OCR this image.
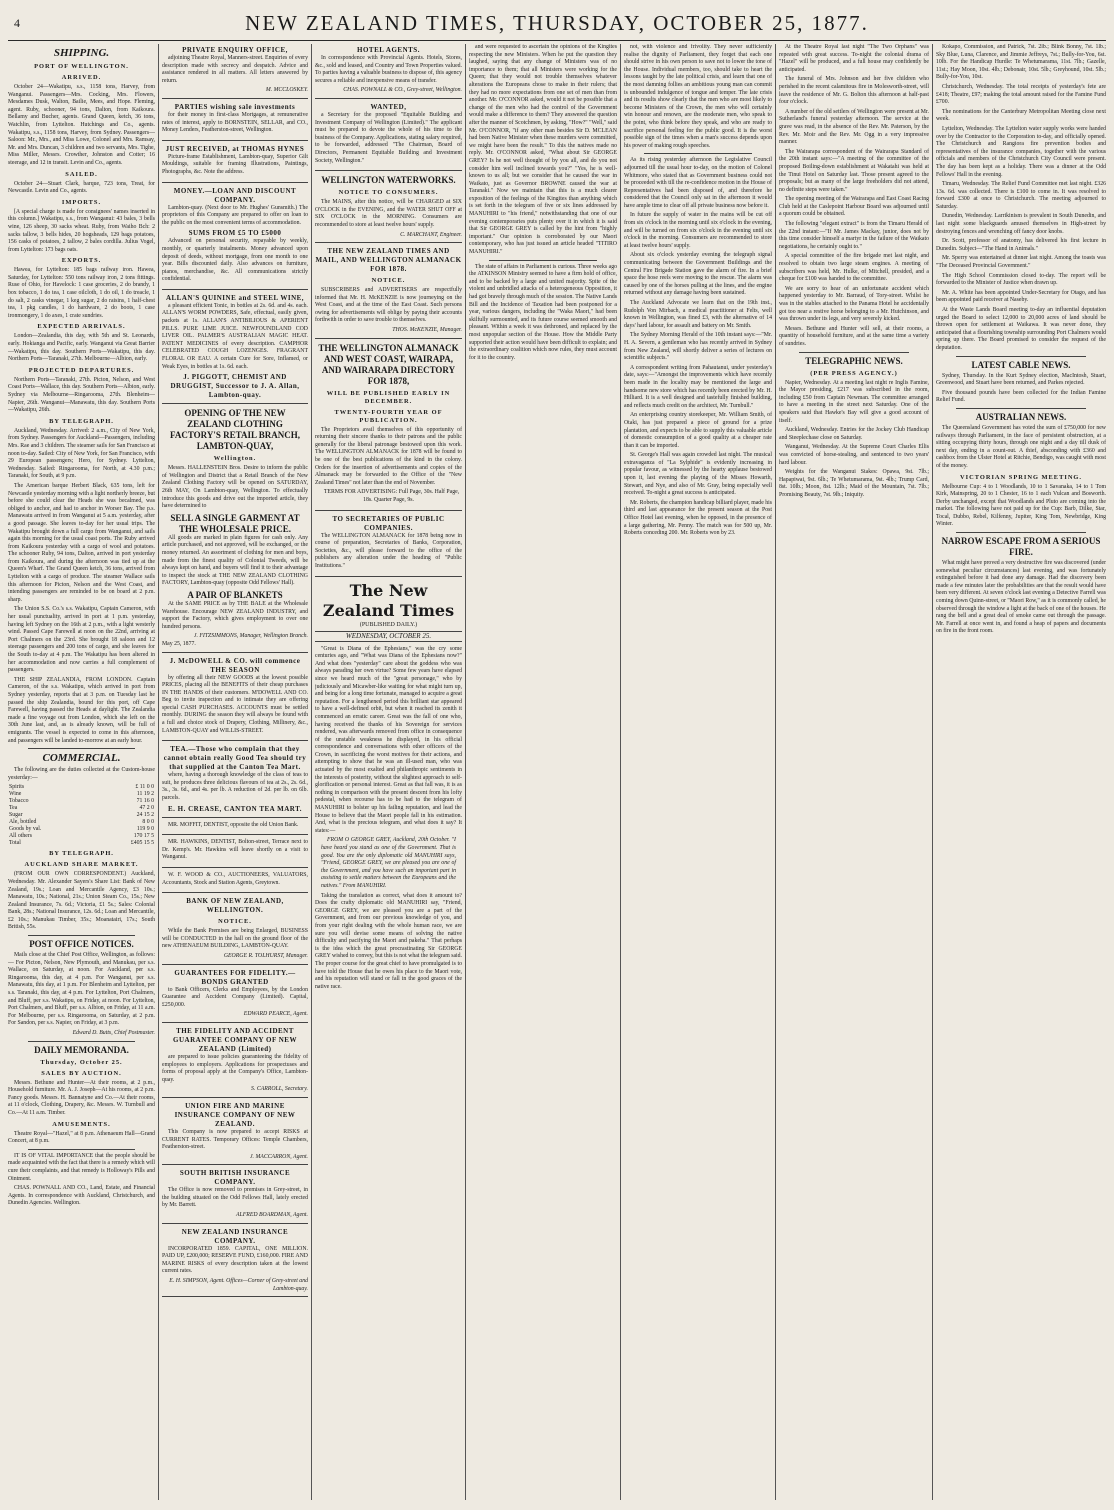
4	NEW ZEALAND TIMES, THURSDAY, OCTOBER 25, 1877.
SHIPPING.
PORT OF WELLINGTON.
ARRIVED.

October 24—Wakatipu, s.s., 1158 tons, Harvey, from Wanganui. Passengers—Mrs. Cocking, Mrs. Flowers, Mesdames Dusk, Walton, Bailie, Mees, and Hope. Fleming, agent. Ruby, schooner, 94 tons, Dalton, from Kaikoura. Bellamy and Bucher, agents. Grand Queen, ketch, 36 tons, Watchlin, from Lyttelton. Hutchings and Co., agents. Wakatipu, s.s., 1158 tons, Harvey, from Sydney. Passengers—Saloon: Mr., Mrs., and Miss Lowe, Colonel and Mrs. Ramsay, Mr. and Mrs. Duncan, 3 children and two servants, Mrs. Tighe, Miss Miller, Messrs. Crowther, Johnston and Cotter; 16 steerage, and 12 in transit. Levin and Co., agents.

SAILED.

October 24—Stuart Clark, barque, 723 tons, Treat, for Newcastle. Levin and Co., agents.

IMPORTS.

[A special charge is made for consignees' names inserted in this column.] Wakatipu, s.s., from Wanganui: 43 bales, 3 bells wine, 126 sheep, 30 sacks wheat. Ruby, from Waiho Bch: 2 sacks tallow, 3 bells hides, 20 hogsheads, 129 bags potatoes, 156 casks of potatoes, 2 tallow, 2 bales cordilla. Julius Vogel, from Lyttelton: 173 bags oats.

EXPORTS.

Hawea, for Lyttelton: 185 bags railway iron. Hawea, Saturday, for Lyttelton: 550 tons railway iron, 2 tons fittings. Ruse of Ohio, for Havelock: 1 case groceries, 2 do brandy, 1 box tobacco, 1 do tea, 1 case oilcloth, 1 do oil, 1 do treacle, 1 do salt, 2 casks vinegar, 1 keg sugar, 2 do raisins, 1 half-chest tea, 1 pkg candles, 1 do hardware, 2 do boots, 1 case ironmongery, 1 do axes, 1 crate sundries.

EXPECTED ARRIVALS.

London—Zealandia, this day, with 5th and St. Leonards, early. Hokianga and Pacific, early. Wanganui via Great Barrier—Wakatipu, this day. Southern Ports—Wakatipu, this day. Northern Ports—Taranaki, 27th. Melbourne—Albion, early.

PROJECTED DEPARTURES.

Northern Ports—Taranaki, 27th. Picton, Nelson, and West Coast Ports—Wallace, this day. Southern Ports—Albion, early. Sydney via Melbourne—Ringarooma, 27th. Blenheim—Napier, 26th. Wanganui—Manawatu, this day. Southern Ports—Wakatipu, 26th.

BY TELEGRAPH.

Auckland, Wednesday. Arrived: 2 a.m., City of New York, from Sydney. Passengers for Auckland—Passengers, including Mrs. Rae and 3 children. The steamer sails for San Francisco at noon to-day. Sailed: City of New York, for San Francisco, with 29 European passengers; Hero, for Sydney. Lyttelton, Wednesday. Sailed: Ringarooma, for North, at 4.30 p.m.; Taranaki, for South, at 9 p.m.

The American barque Herbert Black, 635 tons, left for Newcastle yesterday morning with a light northerly breeze, but before she could clear the Heads she was becalmed, was obliged to anchor, and had to anchor in Worser Bay. The p.s. Manawatu arrived in from Wanganui at 5 a.m. yesterday, after a good passage. She leaves to-day for her usual trips. The Wakatipu brought down a full cargo from Wanganui, and sails again this morning for the usual coast ports. The Ruby arrived from Kaikoura yesterday with a cargo of wool and potatoes. The schooner Ruby, 94 tons, Dalton, arrived in port yesterday from Kaikoura, and during the afternoon was tied up at the Queen's Wharf. The Grand Queen ketch, 36 tons, arrived from Lyttelton with a cargo of produce. The steamer Wallace sails this afternoon for Picton, Nelson and the West Coast, and intending passengers are reminded to be on board at 2 p.m. sharp.

The Union S.S. Co.'s s.s. Wakatipu, Captain Cameron, with her usual punctuality, arrived in port at 1 p.m. yesterday, having left Sydney on the 16th at 2 p.m., with a light westerly wind. Passed Cape Farewell at noon on the 22nd, arriving at Port Chalmers on the 23rd. She brought 18 saloon and 12 steerage passengers and 200 tons of cargo, and she leaves for the South to-day at 4 p.m. The Wakatipu has been altered in her accommodation and now carries a full complement of passengers.

THE SHIP ZEALANDIA, FROM LONDON. Captain Cameron, of the s.s. Wakatipu, which arrived in port from Sydney yesterday, reports that at 3 p.m. on Tuesday last he passed the ship Zealandia, bound for this port, off Cape Farewell, having passed the Heads at daylight. The Zealandia made a fine voyage out from London, which she left on the 30th June last, and, as is already known, will be full of emigrants. The vessel is expected to come in this afternoon, and passengers will be landed to-morrow at an early hour.

COMMERCIAL.

The following are the duties collected at the Custom-house yesterday:—

Spirits	£ 11 0 0
Wine	11 19 2
Tobacco	71 16 0
Tea	47 2 0
Sugar	24 15 2
Ale, bottled	8 0 0
Goods by val.	119 9 0
All others	170 17 5
Total	£405 15 5
BY TELEGRAPH.
AUCKLAND SHARE MARKET.

(FROM OUR OWN CORRESPONDENT.) Auckland, Wednesday. Mr. Alexander Sayers's Share List: Bank of New Zealand, 19s.; Loan and Mercantile Agency, £3 10s.; Manawatu, 10s.; National, 21s.; Union Steam Co., 15s.; New Zealand Insurance, 7s. 6d.; Victoria, £1 5s.; Sales: Colonial Bank, 28s.; National Insurance, 12s. 6d.; Loan and Mercantile, £2 10s.; Manukau Timber, 35s.; Moanatairi, 17s.; South British, 55s.

POST OFFICE NOTICES.

Mails close at the Chief Post Office, Wellington, as follows:— For Picton, Nelson, New Plymouth, and Manukau, per s.s. Wallace, on Saturday, at noon. For Auckland, per s.s. Ringarooma, this day, at 4 p.m. For Wanganui, per s.s. Manawatu, this day, at 1 p.m. For Blenheim and Lyttelton, per s.s. Taranaki, this day, at 4 p.m. For Lyttelton, Port Chalmers, and Bluff, per s.s. Wakatipu, on Friday, at noon. For Lyttelton, Port Chalmers, and Bluff, per s.s. Albion, on Friday, at 11 a.m. For Melbourne, per s.s. Ringarooma, on Saturday, at 2 p.m. For Sandon, per s.s. Napier, on Friday, at 3 p.m.

Edward D. Butts, Chief Postmaster.

DAILY MEMORANDA.
Thursday, October 25.
SALES BY AUCTION.

Messrs. Bethune and Hunter—At their rooms, at 2 p.m., Household furniture. Mr. A. J. Joseph—At his rooms, at 2 p.m. Fancy goods. Messrs. H. Bannatyne and Co.—At their rooms, at 11 o'clock, Clothing, Drapery, &c. Messrs. W. Turnbull and Co.—At 11 a.m. Timber.

AMUSEMENTS.

Theatre Royal—"Hazel," at 8 p.m. Athenaeum Hall—Grand Concert, at 8 p.m.

IT IS OF VITAL IMPORTANCE that the people should be made acquainted with the fact that there is a remedy which will cure their complaints, and that remedy is Holloway's Pills and Ointment.

CHAS. POWNALL AND CO., Land, Estate, and Financial Agents. In correspondence with Auckland, Christchurch, and Dunedin Agencies. Wellington.

PRIVATE ENQUIRY OFFICE,

adjoining Theatre Royal, Manners-street. Enquiries of every description made with secrecy and despatch. Advice and assistance rendered in all matters. All letters answered by return.

M. MCCLOSKEY.
PARTIES wishing sale investments

for their money in first-class Mortgages, at remunerative rates of interest, apply to BORNSTEIN, SELLAR, and CO., Money Lenders, Featherston-street, Wellington.

JUST RECEIVED, at THOMAS HYNES

Picture-frame Establishment, Lambton-quay, Superior Gilt Mouldings, suitable for framing Illustrations, Paintings, Photographs, &c. Note the address.

MONEY.—LOAN AND DISCOUNT COMPANY.

Lambton-quay. (Next door to Mr. Hughes' Gunsmith.) The proprietors of this Company are prepared to offer on loan to the public on the most convenient terms of accommodation.

SUMS FROM £5 TO £5000

Advanced on personal security, repayable by weekly, monthly, or quarterly instalments. Money advanced upon deposit of deeds, without mortgage, from one month to one year. Bills discounted daily. Also advances on furniture, pianos, merchandise, &c. All communications strictly confidential.

ALLAN'S QUININE and STEEL WINE,

a pleasant efficient Tonic, in bottles at 2s. 6d. and 4s. each. ALLAN'S WORM POWDERS, Safe, effectual, easily given, packets at 1s. ALLAN'S ANTIBILIOUS & APERIENT PILLS. PURE LIME JUICE. NEWFOUNDLAND COD LIVER OIL. PALMER'S AUSTRALIAN MAGIC HEAT. PATENT MEDICINES of every description. CAMPHOR CELEBRATED COUGH LOZENGES. FRAGRANT FLORAL OR EAU. A certain Cure for Sore, Inflamed, or Weak Eyes, in bottles at 1s. 6d. each.

J. PIGGOTT, CHEMIST AND DRUGGIST, Successor to J. A. Allan, Lambton-quay.
OPENING OF THE NEW ZEALAND CLOTHING FACTORY'S RETAIL BRANCH, LAMBTON-QUAY,
Wellington.

Messrs. HALLENSTEIN Bros. Desire to inform the public of Wellington and District that a Retail Branch of the New Zealand Clothing Factory will be opened on SATURDAY, 26th MAY, On Lambton-quay, Wellington. To effectually introduce this goods and drive out the imported article, they have determined to

SELL A SINGLE GARMENT AT THE WHOLESALE PRICE.

All goods are marked in plain figures for cash only. Any article purchased, and not approved, will be exchanged, or the money returned. An assortment of clothing for men and boys, made from the finest quality of Colonial Tweeds, will be always kept on hand, and buyers will find it to their advantage to inspect the stock at THE NEW ZEALAND CLOTHING FACTORY, Lambton-quay (opposite Odd Fellows' Hall).

A PAIR OF BLANKETS

At the SAME PRICE as by THE BALE at the Wholesale Warehouse. Encourage NEW ZEALAND INDUSTRY, and support the Factory, which gives employment to over one hundred persons.

J. FITZSIMMONS, Manager, Wellington Branch.
May 25, 1877.
J. McDOWELL & CO. will commence THE SEASON

by offering all their NEW GOODS at the lowest possible PRICES, placing all the BENEFITS of their cheap purchases IN THE HANDS of their customers. M'DOWELL AND CO. Beg to invite inspection and to intimate they are offering special CASH PURCHASES. ACCOUNTS must be settled monthly. DURING the season they will always be found with a full and choice stock of Drapery, Clothing, Millinery, &c., LAMBTON-QUAY and WILLIS-STREET.

TEA.—Those who complain that they cannot obtain really Good Tea should try that supplied at the Canton Tea Mart.

where, having a thorough knowledge of the class of teas to suit, he produces three delicious flavours of tea at 2s., 2s. 6d., 3s., 3s. 6d., and 4s. per lb. A reduction of 2d. per lb. on 6lb. parcels.

E. H. CREASE, CANTON TEA MART.

MR. MOFFIT, DENTIST, opposite the old Union Bank.

MR. HAWKINS, DENTIST, Bolton-street, Terrace next to Dr. Kemp's. Mr. Hawkins will leave shortly on a visit to Wanganui.

W. F. WOOD & CO., AUCTIONEERS, VALUATORS, Accountants, Stock and Station Agents, Greytown.

BANK OF NEW ZEALAND, WELLINGTON.
NOTICE.

While the Bank Premises are being Enlarged, BUSINESS will be CONDUCTED in the hall on the ground floor of the new ATHENAEUM BUILDING, LAMBTON-QUAY.

GEORGE R. TOLHURST, Manager.
GUARANTEES FOR FIDELITY.—BONDS GRANTED

to Bank Officers, Clerks and Employees, by the London Guarantee and Accident Company (Limited). Capital, £250,000.

EDWARD PEARCE, Agent.
THE FIDELITY AND ACCIDENT GUARANTEE COMPANY OF NEW ZEALAND (Limited)

are prepared to issue policies guaranteeing the fidelity of employees to employers. Applications for prospectuses and forms of proposal apply at the Company's Office, Lambton-quay.

S. CARROLL, Secretary.
UNION FIRE AND MARINE INSURANCE COMPANY OF NEW ZEALAND.

This Company is now prepared to accept RISKS at CURRENT RATES. Temporary Offices: Temple Chambers, Featherston-street.

J. MACCARRON, Agent.
SOUTH BRITISH INSURANCE COMPANY.

The Office is now removed to premises in Grey-street, in the building situated on the Odd Fellows Hall, lately erected by Mr. Barrett.

ALFRED BOARDMAN, Agent.
NEW ZEALAND INSURANCE COMPANY.

INCORPORATED 1859. CAPITAL, ONE MILLION. PAID UP, £200,000; RESERVE FUND, £160,000. FIRE AND MARINE RISKS of every description taken at the lowest current rates.

E. H. SIMPSON, Agent. Offices—Corner of Grey-street and Lambton-quay.
HOTEL AGENTS.

In correspondence with Provincial Agents. Hotels, Stores, &c., sold and leased, and Country and Town Properties valued. To parties having a valuable business to dispose of, this agency secures a reliable and inexpensive means of transfer.

CHAS. POWNALL & CO., Grey-street, Wellington.
WANTED,

a Secretary for the proposed "Equitable Building and Investment Company of Wellington (Limited)." The applicant must be prepared to devote the whole of his time to the business of the Company. Applications, stating salary required, to be forwarded, addressed "The Chairman, Board of Directors, Permanent Equitable Building and Investment Society, Wellington."

WELLINGTON WATERWORKS.
NOTICE TO CONSUMERS.

The MAINS, after this notice, will be CHARGED at SIX O'CLOCK in the EVENING, and the WATER SHUT OFF at SIX O'CLOCK in the MORNING. Consumers are recommended to store at least twelve hours' supply.

C. MARCHANT, Engineer.
THE NEW ZEALAND TIMES AND MAIL, AND WELLINGTON ALMANACK FOR 1878.
NOTICE.

SUBSCRIBERS and ADVERTISERS are respectfully informed that Mr. H. McKENZIE is now journeying on the West Coast, and at the time of the East Coast. Such persons owing for advertisements will oblige by paying their accounts forthwith in order to save trouble to themselves.

THOS. McKENZIE, Manager.
THE WELLINGTON ALMANACK AND WEST COAST, WAIRAPA, AND WAIRARAPA DIRECTORY FOR 1878,
WILL BE PUBLISHED EARLY IN DECEMBER.
TWENTY-FOURTH YEAR OF PUBLICATION.

The Proprietors avail themselves of this opportunity of returning their sincere thanks to their patrons and the public generally for the liberal patronage bestowed upon this work. The WELLINGTON ALMANACK for 1878 will be found to be one of the best publications of the kind in the colony. Orders for the insertion of advertisements and copies of the Almanack may be forwarded to the Office of the "New Zealand Times" not later than the end of November.

TERMS FOR ADVERTISING: Full Page, 30s. Half Page, 18s. Quarter Page, 9s.

TO SECRETARIES OF PUBLIC COMPANIES.

The WELLINGTON ALMANACK for 1878 being now in course of preparation, Secretaries of Banks, Corporation, Societies, &c., will please forward to the office of the publishers any alteration under the heading of "Public Institutions."

The New Zealand Times
(PUBLISHED DAILY.)
WEDNESDAY, OCTOBER 25.

"Great is Diana of the Ephesians," was the cry some centuries ago, and "What was Diana of the Ephesians now?" And what does "yesterday" care about the goddess who was always parading her own virtue? Some few years have elapsed since we heard much of the "great personage," who by judiciously and Micawber-like waiting for what might turn up, and being for a long time fortunate, managed to acquire a great reputation. For a lengthened period this brilliant star appeared to have a well-defined orbit, but when it reached its zenith it commenced an erratic career. Great was the fall of one who, having received the thanks of his Sovereign for services rendered, was afterwards removed from office in consequence of the unstable weakness he displayed, in his official correspondence and conversations with other officers of the Crown, in sacrificing the worst motives for their actions, and attempting to show that he was an ill-used man, who was actuated by the most exalted and philanthropic sentiments in the interests of posterity, without the slightest approach to self-glorification or personal interest. Great as that fall was, it is as nothing in comparison with the present descent from his lofty pedestal, when recourse has to be had to the telegram of MANUHIRI to bolster up his failing reputation, and lead the House to believe that the Maori people fall in his estimation. And, what is the precious telegram, and what does it say? It states:—

FROM O GEORGE GREY, Auckland, 20th October. "I have heard you stand as one of the Government. That is good. You are the only diplomatic old MANUHIRI says, "Friend, GEORGE GREY, we are pleased you are one of the Government, and you have such an important part in assisting to settle matters between the Europeans and the natives." From MANUHIRI.

Taking the translation as correct, what does it amount to? Does the crafty diplomatic old MANUHIRI say, "Friend, GEORGE GREY, we are pleased you are a part of the Government, and from our previous knowledge of you, and from your right dealing with the whole human race, we are sure you will devise some means of solving the native difficulty and pacifying the Maori and pakeha." That perhaps is the idea which the great procrastinating Sir GEORGE GREY wished to convey, but this is not what the telegram said. The proper course for the great chief to have promulgated is to have told the House that he owes his place to the Maori vote, and his reputation will stand or fall in the good graces of the native race.

and were requested to ascertain the opinions of the Kingites respecting the new Ministers. When he put the question they laughed, saying that any change of Ministers was of no importance to them; that all Ministers were working for the Queen; that they would not trouble themselves whatever alterations the Europeans chose to make in their rulers; that they had no more expectations from one set of men than from another. Mr. O'CONNOR asked, would it not be possible that a change of the men who had the control of the Government would make a difference to them? They answered the question after the manner of Scotchmen, by asking, "How?" "Well," said Mr. O'CONNOR, "if any other man besides Sir D. MCLEAN had been Native Minister when these murders were committed, we might have been the result." To this the natives made no reply. Mr. O'CONNOR asked, "What about Sir GEORGE GREY? Is he not well thought of by you all, and do you not consider him well inclined towards you?" "Yes, he is well-known to us all; but we consider that he caused the war in Waikato, just as Governor BROWNE caused the war at Taranaki." Now we maintain that this is a much clearer exposition of the feelings of the Kingites than anything which is set forth in the telegram of five or six lines addressed by MANUHIRI to "his friend," notwithstanding that one of our evening contemporaries puts plenty over it in which it is said that Sir GEORGE GREY is called by the hint from "highly important." Our opinion is corroborated by our Maori contemporary, who has just issued an article headed "TITIRO MANUHIRI."

The state of affairs in Parliament is curious. Three weeks ago the ATKINSON Ministry seemed to have a firm hold of office, and to be backed by a large and united majority. Spite of the violent and unbridled attacks of a heterogeneous Opposition, it had got bravely through much of the session. The Native Lands Bill and the Incidence of Taxation had been postponed for a year, various dangers, including the "Waka Maori," had been skilfully surmounted, and its future course seemed smooth and pleasant. Within a week it was dethroned, and replaced by the most unpopular section of the House. How the Middle Party supported their action would have been difficult to explain; and the extraordinary coalition which now rules, they must account for it to the country.

not, with violence and frivolity. They never sufficiently realise the dignity of Parliament, they forget that each one should strive in his own person to save not to lower the tone of the House. Individual members, too, should take to heart the lessons taught by the late political crisis, and learn that one of the most damning follies an ambitious young man can commit is unbounded indulgence of tongue and temper. The late crisis and its results show clearly that the men who are most likely to become Ministers of the Crown, the men who will certainly win honour and renown, are the moderate men, who speak to the point, who think before they speak, and who are ready to sacrifice personal feeling for the public good. It is the worst possible sign of the times when a man's success depends upon his power of making rough speeches.

As its rising yesterday afternoon the Legislative Council adjourned till the usual hour to-day, on the motion of Colonel Whitmore, who stated that as Government business could not be proceeded with till the re-confidence motion in the House of Representatives had been disposed of, and therefore he considered that the Council only sat in the afternoon it would have ample time to clear off all private business now before it.

In future the supply of water in the mains will be cut off from six o'clock in the morning until six o'clock in the evening, and will be turned on from six o'clock in the evening until six o'clock in the morning. Consumers are recommended to store at least twelve hours' supply.

About six o'clock yesterday evening the telegraph signal communicating between the Government Buildings and the Central Fire Brigade Station gave the alarm of fire. In a brief space the hose reels were moving to the rescue. The alarm was caused by one of the horses pulling at the lines, and the engine returned without any damage having been sustained.

The Auckland Advocate we learn that on the 19th inst., Rudolph Von Mirbach, a medical practitioner at Felts, well known in Wellington, was fined £3, with the alternative of 14 days' hard labour, for assault and battery on Mr. Smith.

The Sydney Morning Herald of the 10th instant says:—"Mr. H. A. Severn, a gentleman who has recently arrived in Sydney from New Zealand, will shortly deliver a series of lectures on scientific subjects."

A correspondent writing from Pahautanui, under yesterday's date, says:—"Amongst the improvements which have recently been made in the locality may be mentioned the large and handsome new store which has recently been erected by Mr. H. Hilliard. It is a well designed and tastefully finished building, and reflects much credit on the architect, Mr. Turnbull."

An enterprising country storekeeper, Mr. William Smith, of Otaki, has just prepared a piece of ground for a prize plantation, and expects to be able to supply this valuable article of domestic consumption of a good quality at a cheaper rate than it can be imported.

St. George's Hall was again crowded last night. The musical extravaganza of "La Sylphide" is evidently increasing in popular favour, as witnessed by the hearty applause bestowed upon it, last evening the playing of the Misses Howarth, Stewart, and Nye, and also of Mr. Gray, being especially well received. To-night a great success is anticipated.

Mr. Roberts, the champion handicap billiard player, made his third and last appearance for the present season at the Post Office Hotel last evening, when he opposed, in the presence of a large gathering, Mr. Penny. The match was for 500 up, Mr. Roberts conceding 200. Mr. Roberts won by 23.

At the Theatre Royal last night "The Two Orphans" was repeated with great success. To-night the colonial drama of "Hazel" will be produced, and a full house may confidently be anticipated.

The funeral of Mrs. Johnson and her five children who perished in the recent calamitous fire in Molesworth-street, will leave the residence of Mr. G. Bolton this afternoon at half-past four o'clock.

A number of the old settlers of Wellington were present at Mr. Sutherland's funeral yesterday afternoon. The service at the grave was read, in the absence of the Rev. Mr. Paterson, by the Rev. Mr. Moir and the Rev. Mr. Ogg in a very impressive manner.

The Wairarapa correspondent of the Wairarapa Standard of the 20th instant says:—"A meeting of the committee of the proposed Boiling-down establishment at Wakatahi was held at the Tinui Hotel on Saturday last. Those present agreed to the proposals; but as many of the large freeholders did not attend, no definite steps were taken."

The opening meeting of the Wairarapa and East Coast Racing Club held at the Caslepoint Harbour Board was adjourned until a quorum could be obtained.

The following "elegant extract" is from the Timaru Herald of the 22nd instant:—"If Mr. James Mackay, junior, does not by this time consider himself a martyr in the failure of the Waikato negotiations, he certainly ought to."

A special committee of the fire brigade met last night, and resolved to obtain two large steam engines. A meeting of subscribers was held, Mr. Hulke, of Mitchell, presided, and a cheque for £100 was handed to the committee.

We are sorry to hear of an unfortunate accident which happened yesterday to Mr. Barraud, of Tory-street. Whilst he was in the stables attached to the Panama Hotel he accidentally got too near a restive horse belonging to a Mr. Hutchinson, and was thrown under its legs, and very severely kicked.

Messrs. Bethune and Hunter will sell, at their rooms, a quantity of household furniture, and at the same time a variety of sundries.

TELEGRAPHIC NEWS.
(PER PRESS AGENCY.)

Napier, Wednesday. At a meeting last night re Inglis Famine, the Mayor presiding, £217 was subscribed in the room, including £50 from Captain Newman. The committee arranged to have a meeting in the street next Saturday. One of the speakers said that Hawke's Bay will give a good account of itself.

Auckland, Wednesday. Entries for the Jockey Club Handicap and Steeplechase close on Saturday.

Wanganui, Wednesday. At the Supreme Court Charles Ellis was convicted of horse-stealing, and sentenced to two years' hard labour.

Weights for the Wanganui Stakes: Opawa, 9st. 7lb.; Hapapiwai, 9st. 6lb.; Te Whetumarama, 9st. 4lb.; Trump Card, 8st. 10lb.; Moon, 8st. 12lb.; Maid of the Mountain, 7st. 7lb.; Promising Beauty, 7st. 9lb.; Iniquity.

Kokapo, Commission, and Patrick, 7st. 2lb.; Blink Bonny, 7st. 1lb.; Sky Blue, Luna, Clarence, and Jimmie Jeffreys, 7st.; Bully-for-You, 6st. 10lb. For the Handicap Hurdle: Te Whetumarama, 11st. 7lb.; Gazelle, 11st.; Hay Moon, 10st. 4lb.; Debonair, 10st. 5lb.; Greyhound, 10st. 5lb.; Bully-for-You, 10st.

Christchurch, Wednesday. The total receipts of yesterday's fete are £418; Theatre, £97; making the total amount raised for the Famine Fund £700.

The nominations for the Canterbury Metropolitan Meeting close next week.

Lyttelton, Wednesday. The Lyttelton water supply works were handed over by the Contractor to the Corporation to-day, and officially opened. The Christchurch and Rangiora fire prevention bodies and representatives of the insurance companies, together with the various officials and members of the Christchurch City Council were present. The day has been kept as a holiday. There was a dinner at the Odd Fellows' Hall in the evening.

Timaru, Wednesday. The Relief Fund Committee met last night. £326 13s. 6d. was collected. There is £100 to come in. It was resolved to forward £300 at once to Christchurch. The meeting adjourned to Saturday.

Dunedin, Wednesday. Larrikinism is prevalent in South Dunedin, and last night some blackguards amused themselves in High-street by destroying fences and wrenching off fancy door knobs.

Dr. Scott, professor of anatomy, has delivered his first lecture in Dunedin. Subject—"The Hand in Animals."

Mr. Sperry was entertained at dinner last night. Among the toasts was "The Deceased Provincial Government."

The High School Commission closed to-day. The report will be forwarded to the Minister of Justice when drawn up.

Mr. A. White has been appointed Under-Secretary for Otago, and has been appointed paid receiver at Naseby.

At the Waste Lands Board meeting to-day an influential deputation urged the Board to select 12,000 to 20,000 acres of land should be thrown open for settlement at Waikawa. It was never done, they anticipated that a flourishing township surrounding Port Chalmers would spring up there. The Board promised to consider the request of the deputation.

LATEST CABLE NEWS.

Sydney, Thursday. In the Kurt Sydney election, MacIntosh, Stuart, Greenwood, and Stuart have been returned, and Parkes rejected.

Five thousand pounds have been collected for the Indian Famine Relief Fund.

AUSTRALIAN NEWS.

The Queensland Government has voted the sum of £750,000 for new railways through Parliament, in the face of persistent obstruction, at a sitting occupying thirty hours, through one night and a day till dusk of next day, ending in a count-out. A thief, absconding with £360 and cashbox from the Ulster Hotel at Ritchie, Bendigo, was caught with most of the money.

VICTORIAN SPRING MEETING.

Melbourne Cup: 4 to 1 Woodlands, 10 to 1 Savanaka, 14 to 1 Tom Kirk, Mainspring, 20 to 1 Chester, 16 to 1 each Vulcan and Bosworth. Derby unchanged, except that Woodlands and Pluto are coming into the market. The following have not paid up for the Cup: Barb, Dilke, Star, Tocal, Dubbo, Rebel, Kilfenny, Jupiter, King Tom, Newbridge, King Winter.

NARROW ESCAPE FROM A SERIOUS FIRE.

What might have proved a very destructive fire was discovered (under somewhat peculiar circumstances) last evening, and was fortunately extinguished before it had done any damage. Had the discovery been made a few minutes later the probabilities are that the result would have been very different. At seven o'clock last evening a Detective Farrell was coming down Quinn-street, or "Maori Row," as it is commonly called, he observed through the window a light at the back of one of the houses. He rang the bell and a great deal of smoke came out through the passage. Mr. Farrell at once went in, and found a heap of papers and documents on fire in the front room.
